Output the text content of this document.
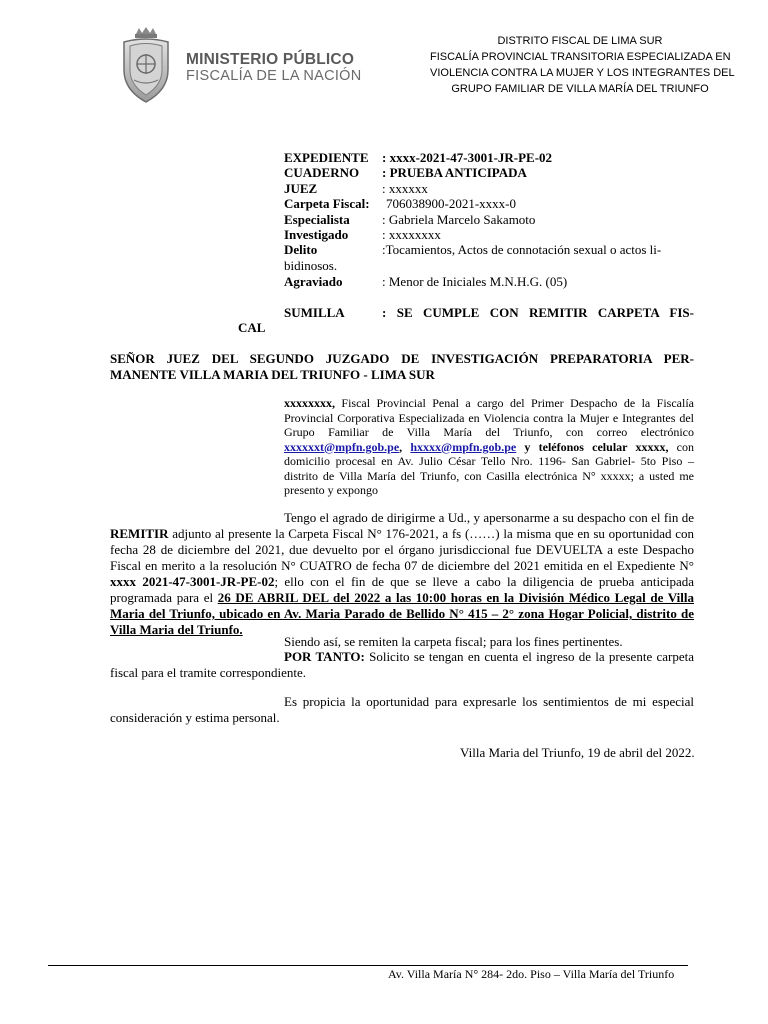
MINISTERIO PÚBLICO
FISCALÍA DE LA NACIÓN
DISTRITO FISCAL DE LIMA SUR
FISCALÍA PROVINCIAL TRANSITORIA ESPECIALIZADA EN
VIOLENCIA CONTRA LA MUJER Y LOS INTEGRANTES DEL
GRUPO FAMILIAR DE VILLA MARÍA DEL TRIUNFO
EXPEDIENTE : xxxx-2021-47-3001-JR-PE-02
CUADERNO : PRUEBA ANTICIPADA
JUEZ	: xxxxxx
Carpeta Fiscal: 706038900-2021-xxxx-0
Especialista : Gabriela Marcelo Sakamoto
Investigado	: xxxxxxxx
Delito	:Tocamientos, Actos de connotación sexual o actos li-
bidinosos.
Agraviado	: Menor de Iniciales M.N.H.G. (05)
SUMILLA	: SE CUMPLE CON REMITIR CARPETA FIS-
CAL
SEÑOR JUEZ DEL SEGUNDO JUZGADO DE INVESTIGACIÓN PREPARATORIA PER-
MANENTE VILLA MARIA DEL TRIUNFO - LIMA SUR
xxxxxxxx, Fiscal Provincial Penal a cargo del Primer Despacho de la Fiscalía Provincial Corporativa Especializada en Violencia contra la Mujer e Integrantes del Grupo Familiar de Villa María del Triunfo, con correo electrónico xxxxxxt@mpfn.gob.pe, hxxxx@mpfn.gob.pe y teléfonos celular xxxxx, con domicilio procesal en Av. Julio César Tello Nro. 1196- San Gabriel- 5to Piso – distrito de Villa María del Triunfo, con Casilla electrónica N° xxxxx; a usted me presento y expongo
Tengo el agrado de dirigirme a Ud., y apersonarme a su despacho con el fin de REMITIR adjunto al presente la Carpeta Fiscal N° 176-2021, a fs (……) la misma que en su oportunidad con fecha 28 de diciembre del 2021, due devuelto por el órgano jurisdiccional fue DEVUELTA a este Despacho Fiscal en merito a la resolución N° CUATRO de fecha 07 de diciembre del 2021 emitida en el Expediente N° xxxx 2021-47-3001-JR-PE-02; ello con el fin de que se lleve a cabo la diligencia de prueba anticipada programada para el 26 DE ABRIL DEL del 2022 a las 10:00 horas en la División Médico Legal de Villa Maria del Triunfo, ubicado en Av. Maria Parado de Bellido N° 415 – 2° zona Hogar Policial, distrito de Villa Maria del Triunfo.
Siendo así, se remiten la carpeta fiscal; para los fines pertinentes.
POR TANTO: Solicito se tengan en cuenta el ingreso de la presente carpeta fiscal para el tramite correspondiente.
Es propicia la oportunidad para expresarle los sentimientos de mi especial consideración y estima personal.
Villa Maria del Triunfo, 19 de abril del 2022.
Av. Villa María N° 284- 2do. Piso – Villa María del Triunfo
